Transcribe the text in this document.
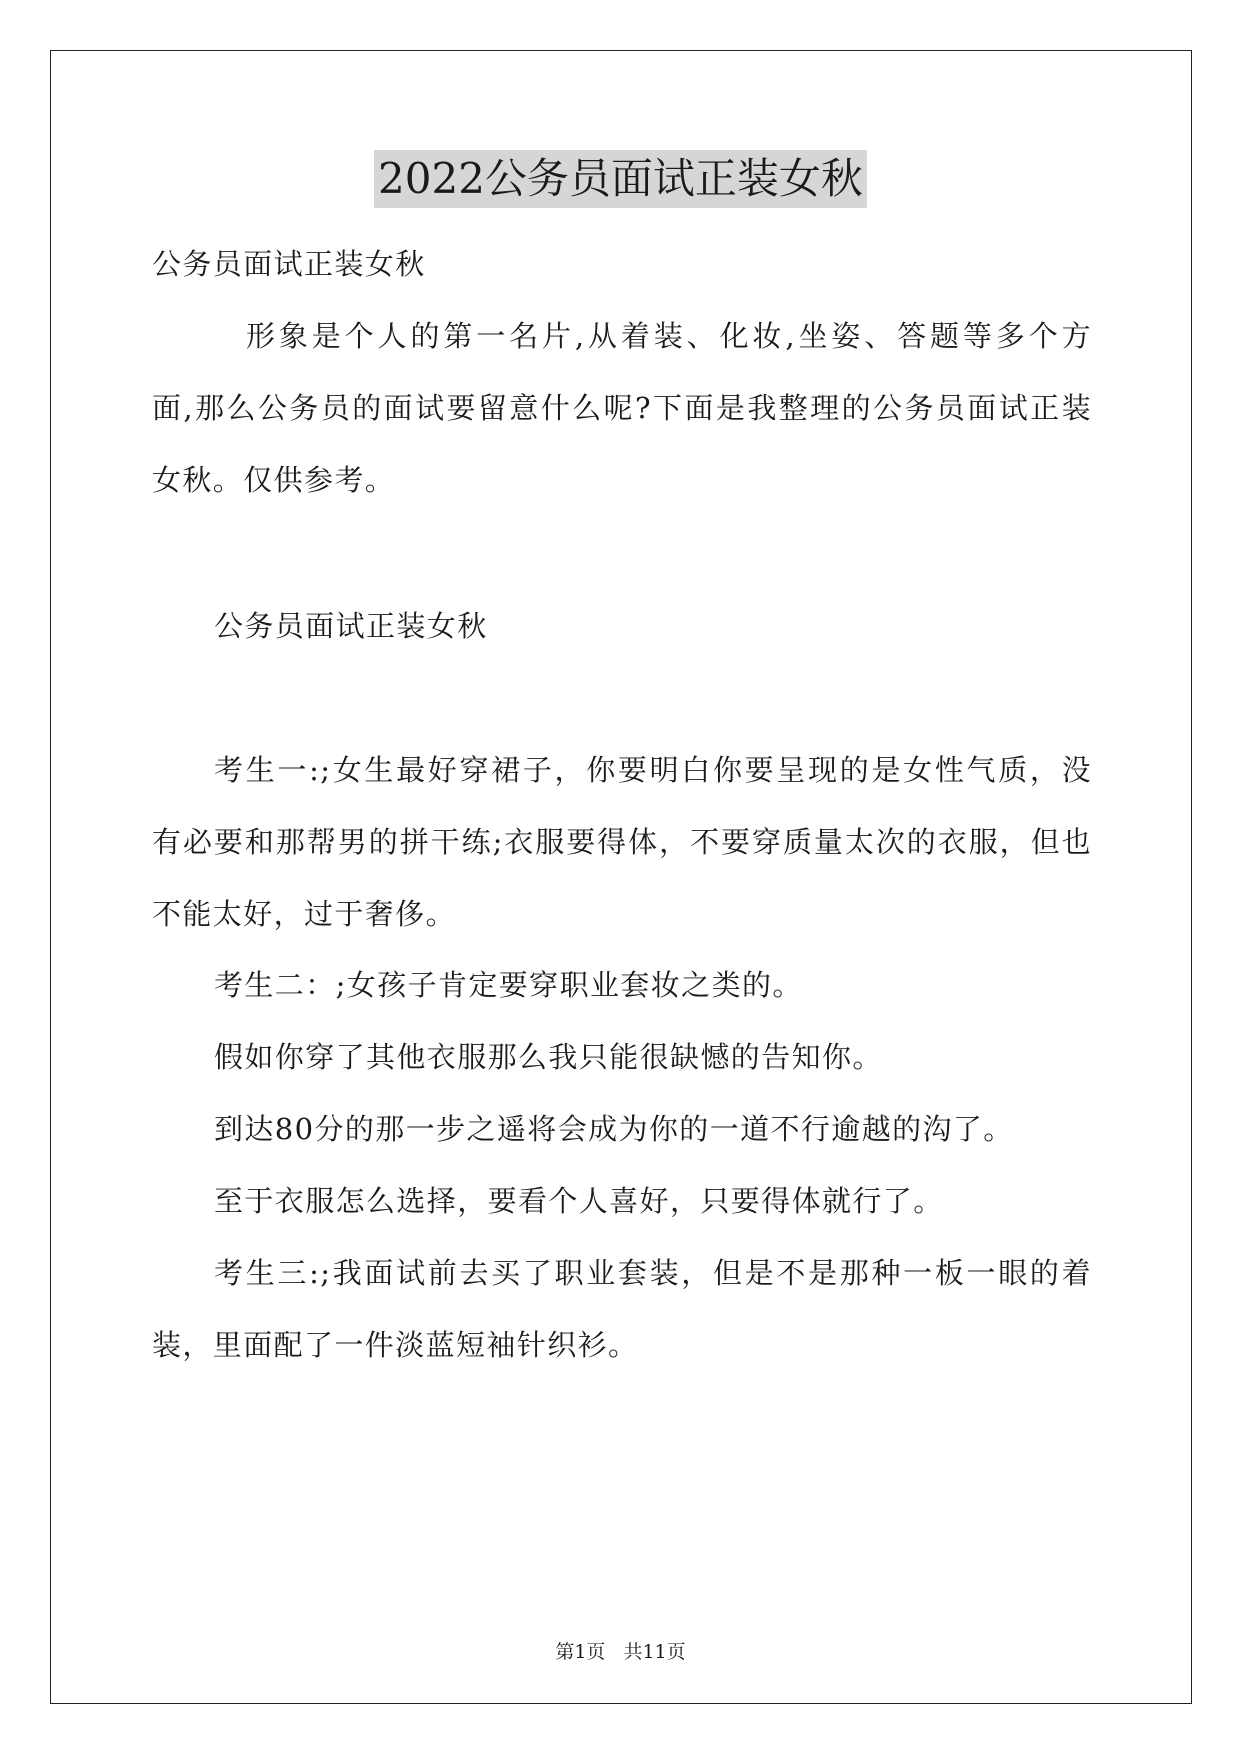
2022公务员面试正装女秋
公务员面试正装女秋
形象是个人的第一名片,从着装、化妆,坐姿、答题等多个方
面,那么公务员的面试要留意什么呢?下面是我整理的公务员面试正装
女秋。仅供参考。
公务员面试正装女秋
考生一:;女生最好穿裙子，你要明白你要呈现的是女性气质，没
有必要和那帮男的拼干练;衣服要得体，不要穿质量太次的衣服，但也
不能太好，过于奢侈。
考生二：;女孩子肯定要穿职业套妆之类的。
假如你穿了其他衣服那么我只能很缺憾的告知你。
到达80分的那一步之遥将会成为你的一道不行逾越的沟了。
至于衣服怎么选择，要看个人喜好，只要得体就行了。
考生三:;我面试前去买了职业套装，但是不是那种一板一眼的着
装，里面配了一件淡蓝短袖针织衫。
第1页 共11页
